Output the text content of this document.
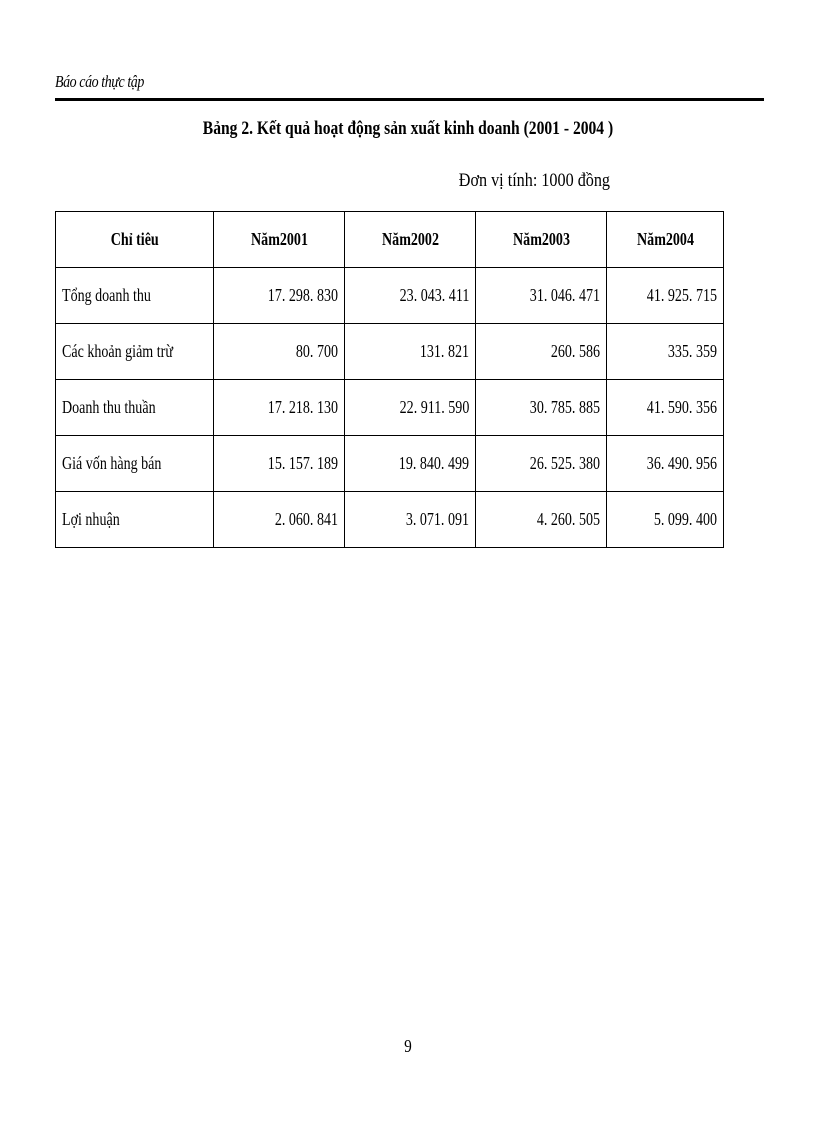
Báo cáo thực tập
Bảng 2. Kết quả hoạt động sản xuất kinh doanh (2001 - 2004 )
Đơn vị tính: 1000 đồng
Chỉ tiêu	Năm2001	Năm2002	Năm2003	Năm2004
Tổng doanh thu	17. 298. 830	23. 043. 411	31. 046. 471	41. 925. 715
Các khoản giảm trừ	80. 700	131. 821	260. 586	335. 359
Doanh thu thuần	17. 218. 130	22. 911. 590	30. 785. 885	41. 590. 356
Giá vốn hàng bán	15. 157. 189	19. 840. 499	26. 525. 380	36. 490. 956
Lợi nhuận	2. 060. 841	3. 071. 091	4. 260. 505	5. 099. 400
9
